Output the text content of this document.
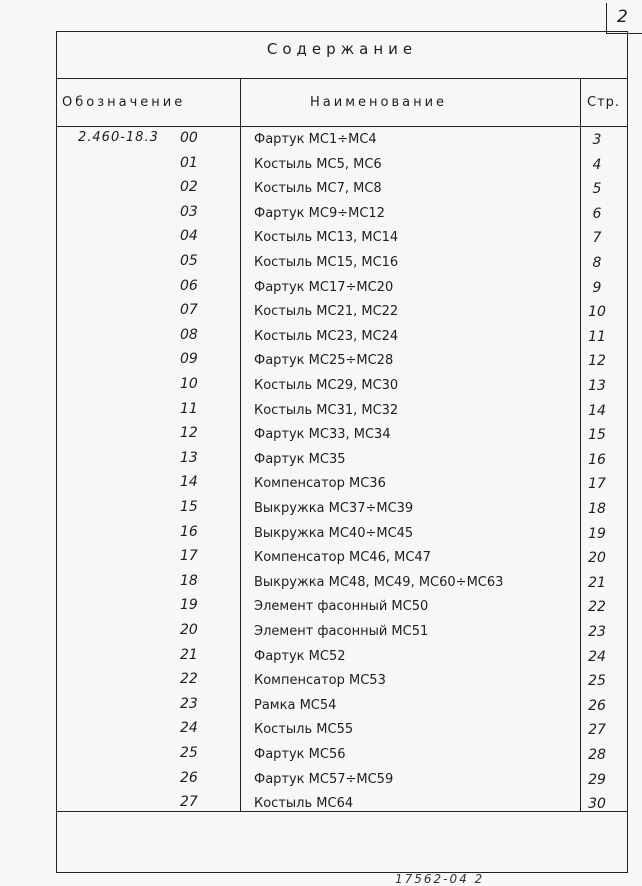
2
Содержание
Обозначение	Наименование	Стр.
2.460-18.3 00	Фартук МС1÷МС4	3
01	Костыль МС5, МС6	4
02	Костыль МС7, МС8	5
03	Фартук МС9÷МС12	6
04	Костыль МС13, МС14	7
05	Костыль МС15, МС16	8
06	Фартук МС17÷МС20	9
07	Костыль МС21, МС22	10
08	Костыль МС23, МС24	11
09	Фартук МС25÷МС28	12
10	Костыль МС29, МС30	13
11	Костыль МС31, МС32	14
12	Фартук МС33, МС34	15
13	Фартук МС35	16
14	Компенсатор МС36	17
15	Выкружка МС37÷МС39	18
16	Выкружка МС40÷МС45	19
17	Компенсатор МС46, МС47	20
18	Выкружка МС48, МС49, МС60÷МС63	21
19	Элемент фасонный МС50	22
20	Элемент фасонный МС51	23
21	Фартук МС52	24
22	Компенсатор МС53	25
23	Рамка МС54	26
24	Костыль МС55	27
25	Фартук МС56	28
26	Фартук МС57÷МС59	29
27	Костыль МС64	30
17562-04 2
